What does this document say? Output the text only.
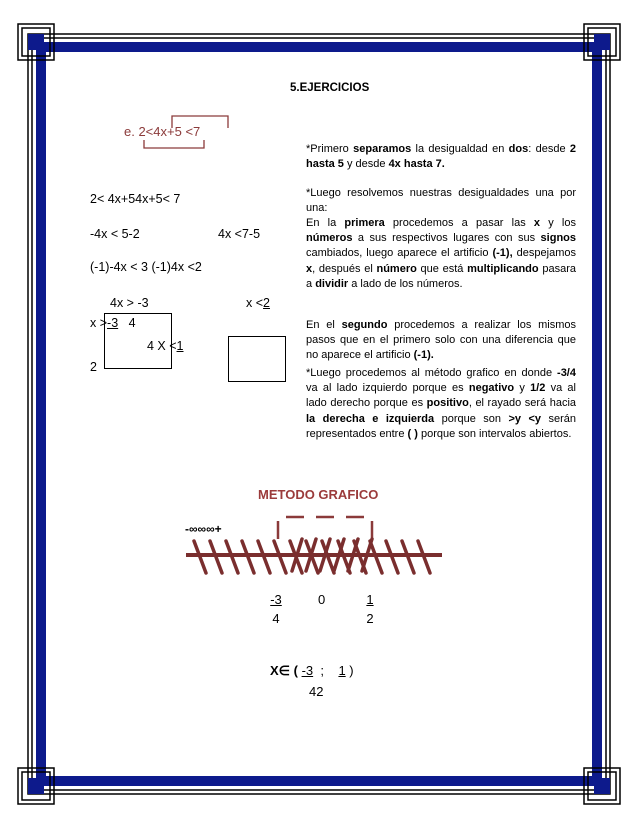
5.EJERCICIOS
e. 2<4x+5 <7
2< 4x+54x+5< 7
-4x < 5-2	4x <7-5
(-1)-4x < 3 (-1)4x <2
4x > -3	x <2
x >-3 4
4 X <1
2
*Primero separamos la desigualdad en dos: desde 2 hasta 5 y desde 4x hasta 7.
*Luego resolvemos nuestras desigualdades una por una:
En la primera procedemos a pasar las x y los números a sus respectivos lugares con sus signos cambiados, luego aparece el artificio (-1), despejamos x, después el número que está multiplicando pasara a dividir a lado de los números.
En el segundo procedemos a realizar los mismos pasos que en el primero solo con una diferencia que no aparece el artificio (-1).
*Luego procedemos al método grafico en donde -3/4 va al lado izquierdo porque es negativo y 1/2 va al lado derecho porque es positivo, el rayado será hacia la derecha e izquierda porque son >y <y serán representados entre ( ) porque son intervalos abiertos.
METODO GRAFICO
-∞∞∞+
$\frac{-3}{4} 0$	$\frac{1}{2}$
X∈ ( -3 ; 1 )
42
